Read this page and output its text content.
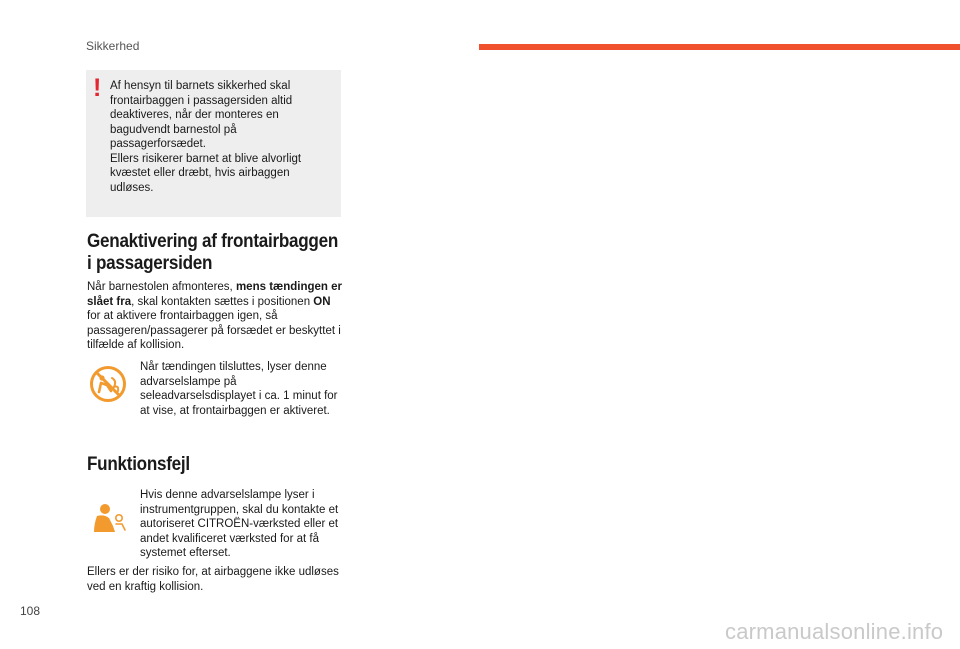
Sikkerhed
! Af hensyn til barnets sikkerhed skal frontairbaggen i passagersiden altid deaktiveres, når der monteres en bagudvendt barnestol på passagerforsædet.

Ellers risikerer barnet at blive alvorligt kvæstet eller dræbt, hvis airbaggen udløses.

Genaktivering af frontairbaggen i passagersiden

Når barnestolen afmonteres, mens tændingen er slået fra, skal kontakten sættes i positionen ON for at aktivere frontairbaggen igen, så passageren/passagerer på forsædet er beskyttet i tilfælde af kollision.

Når tændingen tilsluttes, lyser denne advarselslampe på seleadvarselsdisplayet i ca. 1 minut for at vise, at frontairbaggen er aktiveret.

Funktionsfejl

Hvis denne advarselslampe lyser i instrumentgruppen, skal du kontakte et autoriseret CITROËN-værksted eller et andet kvalificeret værksted for at få systemet efterset.

Ellers er der risiko for, at airbaggene ikke udløses ved en kraftig kollision.

108
carmanualsonline.info
